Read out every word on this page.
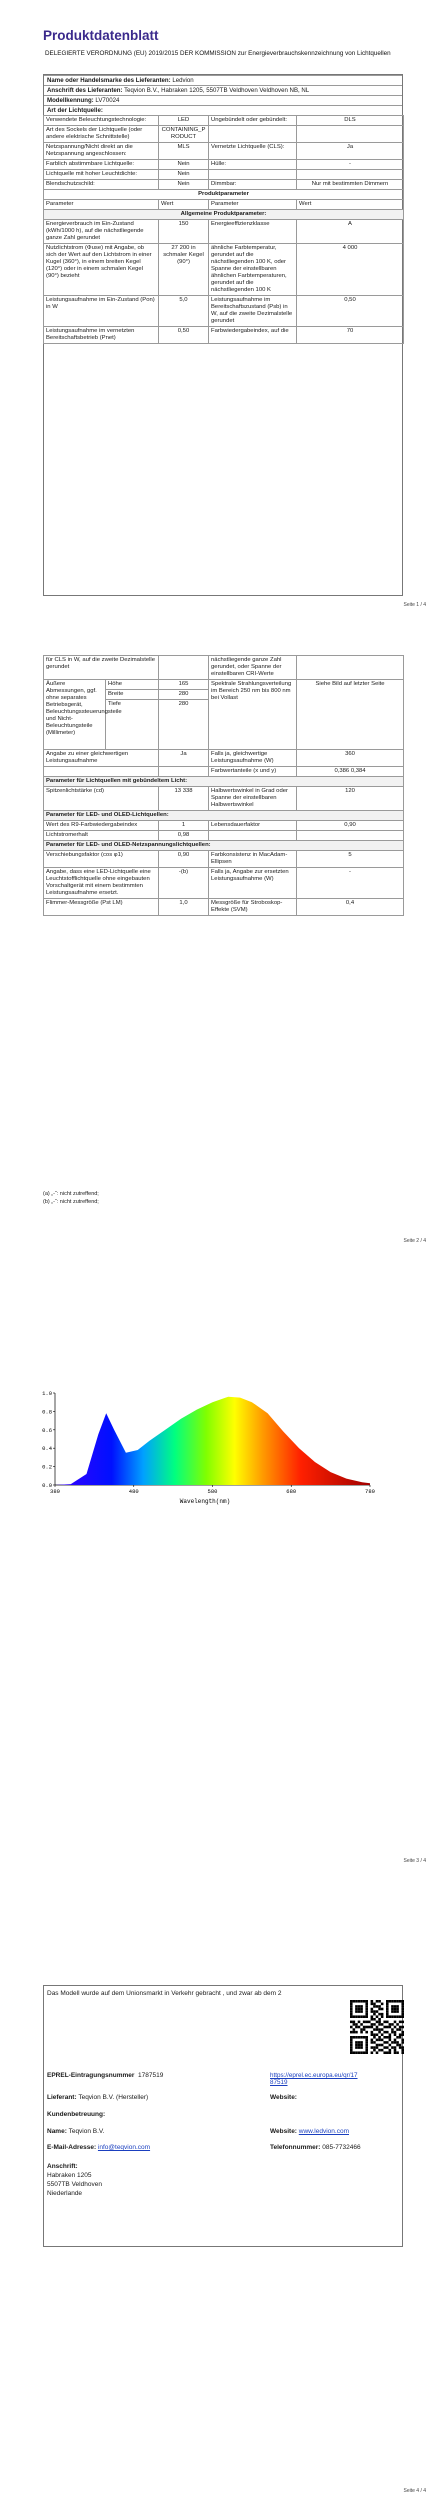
Produktdatenblatt
DELEGIERTE VERORDNUNG (EU) 2019/2015 DER KOMMISSION zur Energieverbrauchskennzeichnung von Lichtquellen
Name oder Handelsmarke des Lieferanten: Ledvion
Anschrift des Lieferanten: Teqvion B.V., Habraken 1205, 5507TB Veldhoven Veldhoven NB, NL
Modellkennung: LV70024
Art der Lichtquelle:
Verwendete Beleuchtungstechnologie:	LED	Ungebündelt oder gebündelt:	DLS
Art des Sockels der Lichtquelle (oder andere elektrische Schnittstelle)	CONTAINING_PRODUCT		
Netzspannung/Nicht direkt an die Netzspannung angeschlossen:	MLS	Vernetzte Lichtquelle (CLS):	Ja
Farblich abstimmbare Lichtquelle:	Nein	Hülle:	-
Lichtquelle mit hoher Leuchtdichte:	Nein		
Blendschutzschild:	Nein	Dimmbar:	Nur mit bestimmten Dimmern
Produktparameter			
Parameter	Wert	Parameter	Wert
Allgemeine Produktparameter:			
Energieverbrauch im Ein-Zustand (kWh/1000 h), auf die nächstliegende ganze Zahl gerundet	150	Energieeffizienzklasse	A
Nutzlichtstrom (Φuse) mit Angabe, ob sich der Wert auf den Lichtstrom in einer Kugel (360°), in einem breiten Kegel (120°) oder in einem schmalen Kegel (90°) bezieht	27 200 in schmaler Kegel (90°)	ähnliche Farbtemperatur, gerundet auf die nächstliegenden 100 K, oder Spanne der einstellbaren ähnlichen Farbtemperaturen, gerundet auf die nächstliegenden 100 K	4 000
Leistungsaufnahme im Ein-Zustand (Pon) in W	5,0	Leistungsaufnahme im Bereitschaftszustand (Psb) in W, auf die zweite Dezimalstelle gerundet	0,50
Leistungsaufnahme im vernetzten Bereitschaftsbetrieb (Pnet)	0,50	Farbwiedergabeindex, auf die	70
Seite 1 / 4
für CLS in W, auf die zweite Dezimalstelle gerundet			nächstliegende ganze Zahl gerundet, oder Spanne der einstellbaren CRI-Werte	
Äußere Abmessungen, ggf. ohne separates Betriebsgerät, Beleuchtungssteuerungsteile und Nicht-Beleuchtungsteile (Millimeter)	Höhe	165	Spektrale Strahlungsverteilung im Bereich 250 nm bis 800 nm bei Vollast	Siehe Bild auf letzter Seite
	Breite	280		
	Tiefe	280		
Angabe zu einer gleichwertigen Leistungsaufnahme		Ja	Falls ja, gleichwertige Leistungsaufnahme (W)	360
			Farbwertanteile (x und y)	0,386 0,384
Parameter für Lichtquellen mit gebündeltem Licht:				
Spitzenlichtstärke (cd)		13 338	Halbwertswinkel in Grad oder Spanne der einstellbaren Halbwertswinkel	120
Parameter für LED- und OLED-Lichtquellen:				
Wert des R9-Farbwiedergabeindex		1	Lebensdauerfaktor	0,90
Lichtstromerhalt		0,98		
Parameter für LED- und OLED-Netzspannungslichtquellen:				
Verschiebungsfaktor (cos φ1)		0,90	Farbkonsistenz in MacAdam-Ellipsen	5
Angabe, dass eine LED-Lichtquelle eine Leuchtstofflichtquelle ohne eingebauten Vorschaltgerät mit einem bestimmten Leistungsaufnahme ersetzt.		-(b)	Falls ja, Angabe zur ersetzten Leistungsaufnahme (W)	-
Flimmer-Messgröße (Pst LM)		1,0	Messgröße für Stroboskop-Effekte (SVM)	0,4
(a) „-“: nicht zutreffend;
(b) „-“: nicht zutreffend;
Seite 2 / 4
380	480	580	680	780
0.0
0.2
0.4
0.6
0.8
1.0
Wavelength(nm)
Seite 3 / 4
Das Modell wurde auf dem Unionsmarkt in Verkehr gebracht , und zwar ab dem 2
EPREL-Eintragungsnummer 1787519	https://eprel.ec.europa.eu/qr/1787519
Lieferant: Teqvion B.V. (Hersteller)	Website:
Kundenbetreuung:
Name: Teqvion B.V.	Website: www.ledvion.com
E-Mail-Adresse: info@teqvion.com	Telefonnummer: 085-7732466
Anschrift:
Habraken 1205
5507TB Veldhoven
Niederlande
Seite 4 / 4
